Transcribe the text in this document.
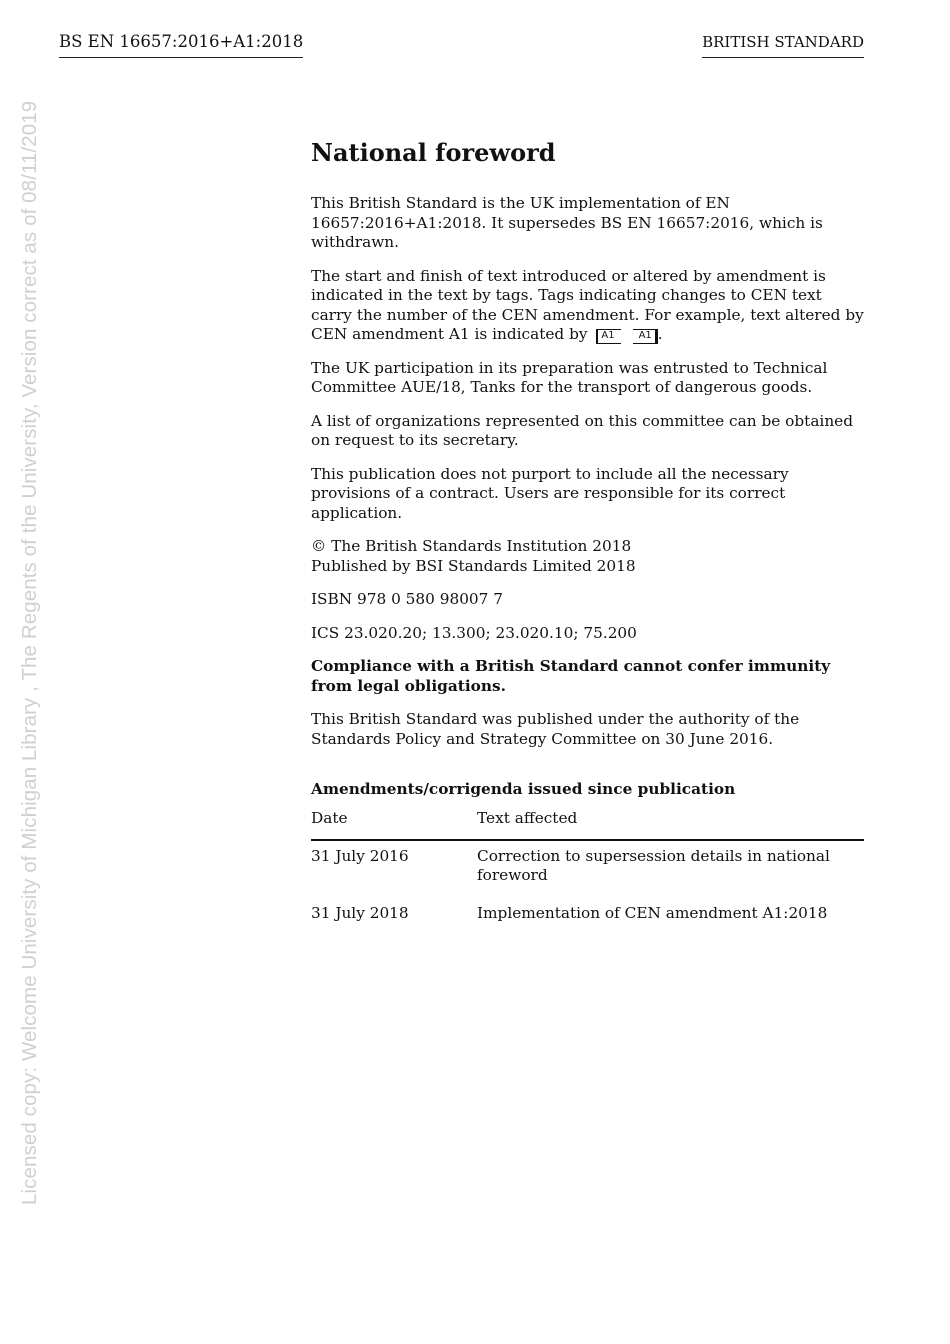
BS EN 16657:2016+A1:2018	BRITISH STANDARD
Licensed copy: Welcome University of Michigan Library , The Regents of the University, Version correct as of 08/11/2019	National foreword

This British Standard is the UK implementation of EN 16657:2016+A1:2018. It supersedes BS EN 16657:2016, which is withdrawn.

The start and finish of text introduced or altered by amendment is indicated in the text by tags. Tags indicating changes to CEN text carry the number of the CEN amendment. For example, text altered by CEN amendment A1 is indicated by A1 A1 .

The UK participation in its preparation was entrusted to Technical Committee AUE/18, Tanks for the transport of dangerous goods.

A list of organizations represented on this committee can be obtained on request to its secretary.

This publication does not purport to include all the necessary provisions of a contract. Users are responsible for its correct application.

© The British Standards Institution 2018
Published by BSI Standards Limited 2018

ISBN 978 0 580 98007 7

ICS 23.020.20; 13.300; 23.020.10; 75.200

Compliance with a British Standard cannot confer immunity from legal obligations.

This British Standard was published under the authority of the Standards Policy and Strategy Committee on 30 June 2016.

Amendments/corrigenda issued since publication
Date	Text affected
31 July 2016	Correction to supersession details in national foreword
31 July 2018	Implementation of CEN amendment A1:2018
